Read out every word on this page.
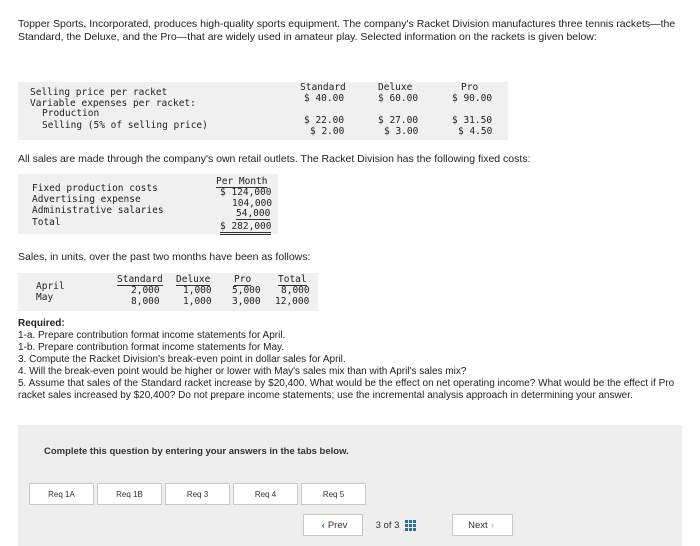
Topper Sports, Incorporated, produces high-quality sports equipment. The company's Racket Division manufactures three tennis rackets—the Standard, the Deluxe, and the Pro—that are widely used in amateur play. Selected information on the rackets is given below:
Standard	Deluxe	Pro
Selling price per racket
$ 40.00	$ 60.00	$ 90.00
Variable expenses per racket:
Production
$ 22.00	$ 27.00	$ 31.50
Selling (5% of selling price)
$ 2.00	$ 3.00	$ 4.50
All sales are made through the company's own retail outlets. The Racket Division has the following fixed costs:
Per Month
Fixed production costs	$ 124,000
Advertising expense	104,000
Administrative salaries	54,000
Total	$ 282,000
Sales, in units, over the past two months have been as follows:
Standard Deluxe Pro	Total
April	2,000 1,000 5,000 8,000
May	8,000 1,000 3,000 12,000
Required:
1-a. Prepare contribution format income statements for April.
1-b. Prepare contribution format income statements for May.
3. Compute the Racket Division's break-even point in dollar sales for April.
4. Will the break-even point would be higher or lower with May's sales mix than with April's sales mix?
5. Assume that sales of the Standard racket increase by $20,400. What would be the effect on net operating income? What would be the effect if Pro racket sales increased by $20,400? Do not prepare income statements; use the incremental analysis approach in determining your answer.
Complete this question by entering your answers in the tabs below.
Req 1A	Req 1B	Req 3	Req 4	Req 5
‹ Prev	3 of 3	Next ›
